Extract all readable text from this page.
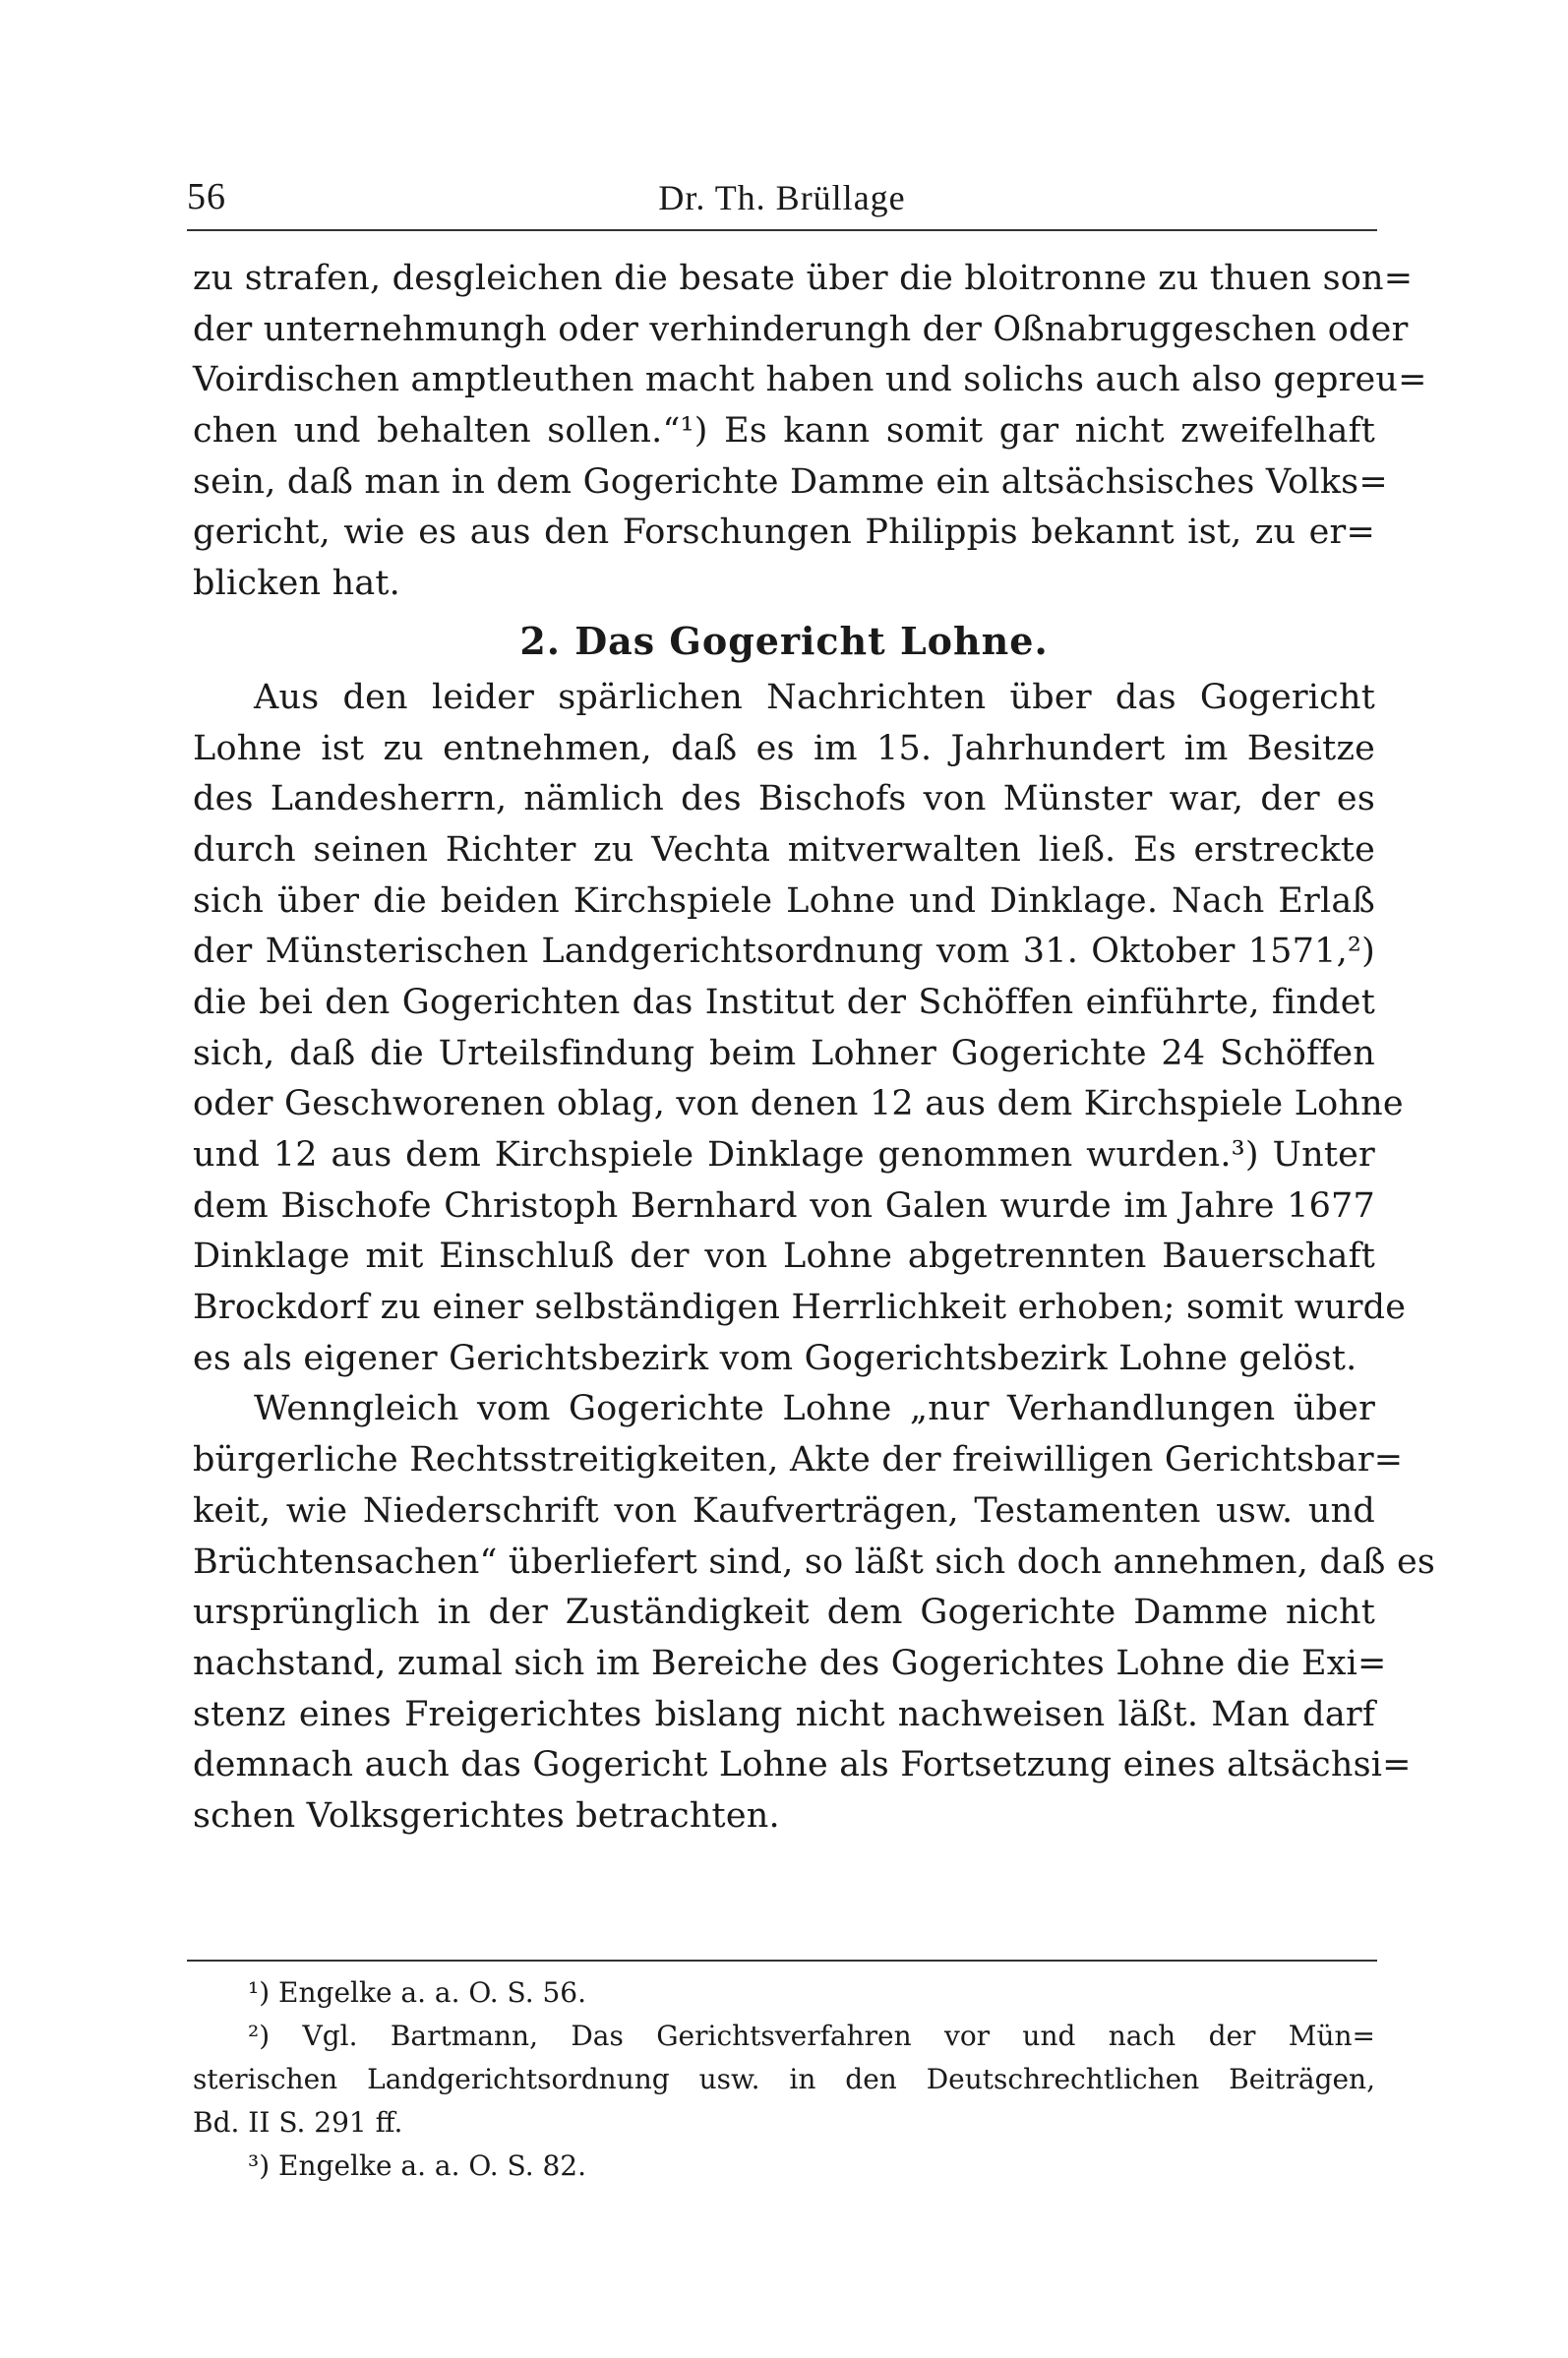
56	Dr. Th. Brüllage
zu strafen, desgleichen die besate über die bloitronne zu thuen son=
der unternehmungh oder verhinderungh der Oßnabruggeschen oder
Voirdischen amptleuthen macht haben und solichs auch also gepreu=
chen und behalten sollen.“¹) Es kann somit gar nicht zweifelhaft
sein, daß man in dem Gogerichte Damme ein altsächsisches Volks=
gericht, wie es aus den Forschungen Philippis bekannt ist, zu er=
blicken hat.
2. Das Gogericht Lohne.
Aus den leider spärlichen Nachrichten über das Gogericht
Lohne ist zu entnehmen, daß es im 15. Jahrhundert im Besitze
des Landesherrn, nämlich des Bischofs von Münster war, der es
durch seinen Richter zu Vechta mitverwalten ließ. Es erstreckte
sich über die beiden Kirchspiele Lohne und Dinklage. Nach Erlaß
der Münsterischen Landgerichtsordnung vom 31. Oktober 1571,²)
die bei den Gogerichten das Institut der Schöffen einführte, findet
sich, daß die Urteilsfindung beim Lohner Gogerichte 24 Schöffen
oder Geschworenen oblag, von denen 12 aus dem Kirchspiele Lohne
und 12 aus dem Kirchspiele Dinklage genommen wurden.³) Unter
dem Bischofe Christoph Bernhard von Galen wurde im Jahre 1677
Dinklage mit Einschluß der von Lohne abgetrennten Bauerschaft
Brockdorf zu einer selbständigen Herrlichkeit erhoben; somit wurde
es als eigener Gerichtsbezirk vom Gogerichtsbezirk Lohne gelöst.
Wenngleich vom Gogerichte Lohne „nur Verhandlungen über
bürgerliche Rechtsstreitigkeiten, Akte der freiwilligen Gerichtsbar=
keit, wie Niederschrift von Kaufverträgen, Testamenten usw. und
Brüchtensachen“ überliefert sind, so läßt sich doch annehmen, daß es
ursprünglich in der Zuständigkeit dem Gogerichte Damme nicht
nachstand, zumal sich im Bereiche des Gogerichtes Lohne die Exi=
stenz eines Freigerichtes bislang nicht nachweisen läßt. Man darf
demnach auch das Gogericht Lohne als Fortsetzung eines altsächsi=
schen Volksgerichtes betrachten.
¹) Engelke a. a. O. S. 56.
²) Vgl. Bartmann, Das Gerichtsverfahren vor und nach der Mün=
sterischen Landgerichtsordnung usw. in den Deutschrechtlichen Beiträgen,
Bd. II S. 291 ff.
³) Engelke a. a. O. S. 82.
